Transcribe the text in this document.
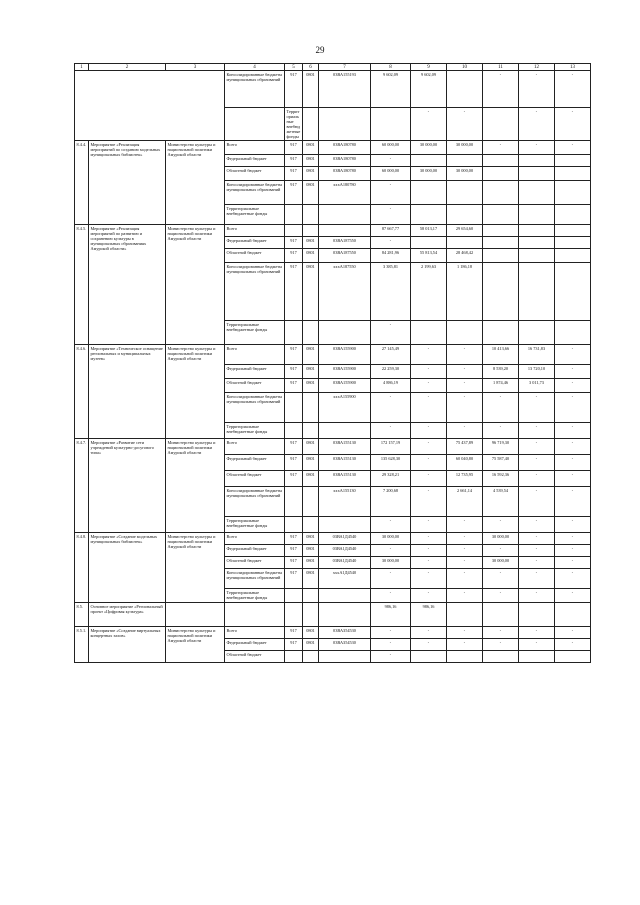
29
1	2	3	4	5	6	7	8	9	10	11	12	13	
			Консолидированные бюджеты муниципальных образований	917	0801	03ВА155193	9 602,09	9 602,09		-	-	-	
				Территориальные внебюджетные фонды				-	-		-	-	
8.4.4.	Мероприятие «Реализация мероприятий по созданию модельных муниципальных библиотек»	Министерство культуры и национальной политики Амурской области	Всего	917	0801	03ВА180780	60 000,00	30 000,00	30 000,00	-	-	-	
			Федеральный бюджет	917	0801	03ВА180780	-						
			Областной бюджет	917	0801	03ВА180780	60 000,00	30 000,00	30 000,00				
			Консолидированные бюджеты муниципальных образований	917	0801	хххА180780	-						
			Территориальные внебюджетные фонды				-						
8.4.5.	Мероприятие «Реализация мероприятий по развитию и сохранению культуры в муниципальных образованиях Амурской области»	Министерство культуры и национальной политики Амурской области	Всего				87 667,77	58 013,17	29 654,60				
			Федеральный бюджет	917	0801	03ВА187550	-						
			Областной бюджет	917	0801	03ВА187550	84 281,96	55 813,54	28 468,42				
			Консолидированные бюджеты муниципальных образований	917	0801	хххА187550	3 385,81	2 199,63	1 186,18				
			Территориальные внебюджетные фонды				-						
8.4.6.	Мероприятие «Техническое оснащение региональных и муниципальных музеев»	Министерство культуры и национальной политики Амурской области	Всего	917	0801	03ВА155900	27 145,49	-	-	10 413,66	16 731,83	-	
			Федеральный бюджет	917	0801	03ВА155900	22 259,30	-	-	8 539,20	13 720,10	-	
			Областной бюджет	917	0801	03ВА155900	4 886,19	-	-	1 874,46	3 011,73	-	
			Консолидированные бюджеты муниципальных образований			хххА155900	-	-	-	-	-	-	
			Территориальные внебюджетные фонды				-	-	-	-	-	-	
8.4.7.	Мероприятие «Развитие сети учреждений культурно-досугового типа»	Министерство культуры и национальной политики Амурской области	Всего	917	0801	03ВА155130	172 157,19	-	75 437,89	96 719,30	-	-	
			Федеральный бюджет	917	0801	03ВА155130	135 628,30	-	60 040,80	75 587,40	-	-	
			Областной бюджет	917	0801	03ВА155130	29 328,21	-	12 735,95	16 592,36	-	-	
			Консолидированные бюджеты муниципальных образований			хххА155130	7 200,68	-	2 661,14	4 539,54	-	-	
			Территориальные внебюджетные фонды				-	-	-	-	-	-	
8.4.8.	Мероприятие «Создание модельных муниципальных библиотек»	Министерство культуры и национальной политики Амурской области	Всего	917	0801	03ВА1Д4540	30 000,00	-	-	30 000,00	-	-	
			Федеральный бюджет	917	0801	03ВА1Д4540	-	-	-	-	-	-	
			Областной бюджет	917	0801	03ВА1Д4540	30 000,00	-	-	30 000,00	-	-	
			Консолидированные бюджеты муниципальных образований	917	0801	хххА1Д4540	-	-	-	-	-	-	
			Территориальные внебюджетные фонды				-	-	-	-	-	-	
8.5.	Основное мероприятие «Региональный проект «Цифровая культура»						986,16	986,16					
8.5.1.	Мероприятие «Создание виртуальных концертных залов»	Министерство культуры и национальной политики Амурской области	Всего	917	0801	03ВА354530	-	-	-	-	-	-	
			Федеральный бюджет	917	0801	03ВА354530	-	-	-	-	-	-	
			Областной бюджет				-						
